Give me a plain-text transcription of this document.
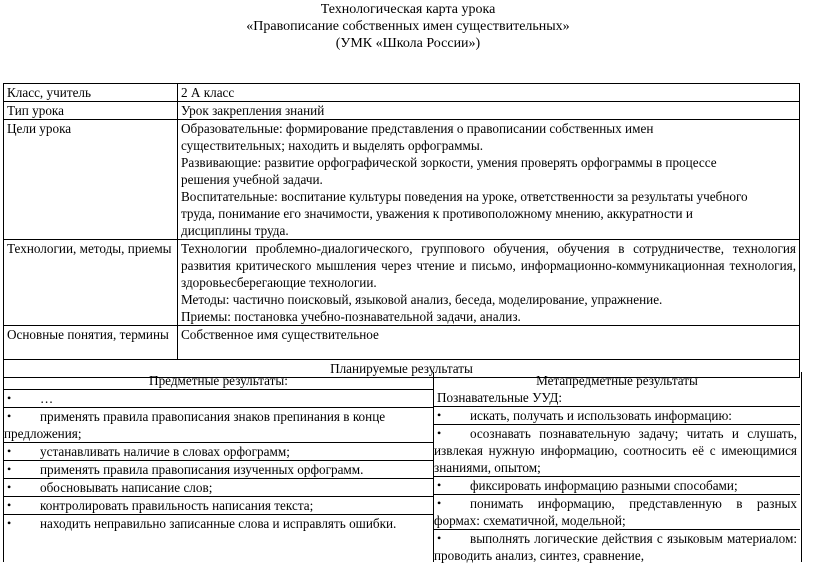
Технологическая карта урока
«Правописание собственных имен существительных»
(УМК «Школа России»)
Класс, учитель	2 А класс
Тип урока	Урок закрепления знаний
Цели урока	Образовательные: формирование представления о правописании собственных имен существительных; находить и выделять орфограммы.
Развивающие: развитие орфографической зоркости, умения проверять орфограммы в процессе решения учебной задачи.
Воспитательные: воспитание культуры поведения на уроке, ответственности за результаты учебного труда, понимание его значимости, уважения к противоположному мнению, аккуратности и дисциплины труда.

Технологии, методы, приемы	Технологии проблемно-диалогического, группового обучения, обучения в сотрудничестве, технология развития критического мышления через чтение и письмо, информационно-коммуникационная технология, здоровьесберегающие технологии.
Методы: частично поисковый, языковой анализ, беседа, моделирование, упражнение.
Приемы: постановка учебно-познавательной задачи, анализ.

Основные понятия, термины	Собственное имя существительное
Планируемые результаты	
Предметные результаты:
• …
• применять правила правописания знаков препинания в конце предложения;
• устанавливать наличие в словах орфограмм;
• применять правила правописания изученных орфограмм.
• обосновывать написание слов;
• контролировать правильность написания текста;
• находить неправильно записанные слова и исправлять ошибки.
Метапредметные результаты
Познавательные УУД:
• искать, получать и использовать информацию:
• осознавать познавательную задачу; читать и слушать, извлекая нужную информацию, соотносить её с имеющимися знаниями, опытом;
• фиксировать информацию разными способами;
• понимать информацию, представленную в разных формах: схематичной, модельной;
• выполнять логические действия с языковым материалом: проводить анализ, синтез, сравнение,
